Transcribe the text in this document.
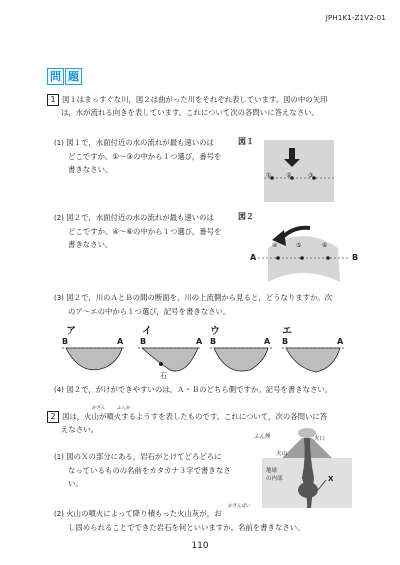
JPH1K1-Z1V2-01
問 題
1 図１はまっすぐな川，図２は曲がった川をそれぞれ表しています。図の中の矢印
は，水が流れる向きを表しています。これについて次の各問いに答えなさい。
(1) 図１で，水面付近の水の流れが最も速いのは
どこですか。①～③の中から１つ選び，番号を
書きなさい。
図１
① ②	③
(2) 図２で，水面付近の水の流れが最も速いのは
どこですか。④～⑥の中から１つ選び，番号を
書きなさい。
図２
④	⑤	⑥
A	B
(3) 図２で，川のＡとＢの間の断面を，川の上流側から見ると，どうなりますか。次
のア～エの中から１つ選び，記号を書きなさい。
ア	イ	ウ	エ
B	A B	A B	A B	A
石
(4) 図２で，がけができやすいのは，Ａ・Ｂのどちら側ですか。記号を書きなさい。
かざん	ふんか
2 図は，火山が噴火するようすを表したものです。これについて，次の各問いに答
えなさい。
(1) 図のＸの部分にある，岩石がとけてどろどろに
なっているものの名前をカタカナ３字で書きなさ
い。
ふん煙	火口
火山
地球
の内部	X
かざんばい
(2) 火山の噴火によって降り積もった火山灰が，お
し固められることでできた岩石を何といいますか。名前を書きなさい。
110
